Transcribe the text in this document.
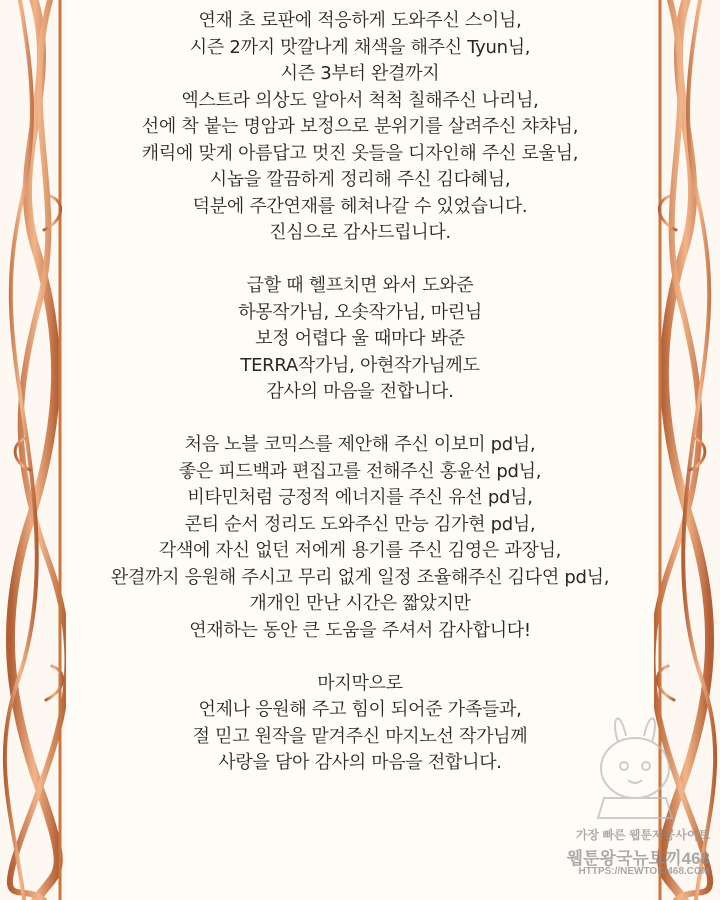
연재 초 로판에 적응하게 도와주신 스이님,
시즌 2까지 맛깔나게 채색을 해주신 Tyun님,
시즌 3부터 완결까지
엑스트라 의상도 알아서 척척 칠해주신 나리님,
선에 착 붙는 명암과 보정으로 분위기를 살려주신 챠챠님,
캐릭에 맞게 아름답고 멋진 옷들을 디자인해 주신 로울님,
시놉을 깔끔하게 정리해 주신 김다혜님,
덕분에 주간연재를 헤쳐나갈 수 있었습니다.
진심으로 감사드립니다.
급할 때 헬프치면 와서 도와준
하몽작가님, 오솟작가님, 마린님
보정 어렵다 울 때마다 봐준
TERRA작가님, 아현작가님께도
감사의 마음을 전합니다.
처음 노블 코믹스를 제안해 주신 이보미 pd님,
좋은 피드백과 편집고를 전해주신 홍윤선 pd님,
비타민처럼 긍정적 에너지를 주신 유선 pd님,
콘티 순서 정리도 도와주신 만능 김가현 pd님,
각색에 자신 없던 저에게 용기를 주신 김영은 과장님,
완결까지 응원해 주시고 무리 없게 일정 조율해주신 김다연 pd님,
개개인 만난 시간은 짧았지만
연재하는 동안 큰 도움을 주셔서 감사합니다!
마지막으로
언제나 응원해 주고 힘이 되어준 가족들과,
절 믿고 원작을 맡겨주신 마지노선 작가님께
사랑을 담아 감사의 마음을 전합니다.
가장 빠른 웹툰제공사이트
웹툰왕국뉴토끼468
HTTPS://NEWTOKI468.COM
